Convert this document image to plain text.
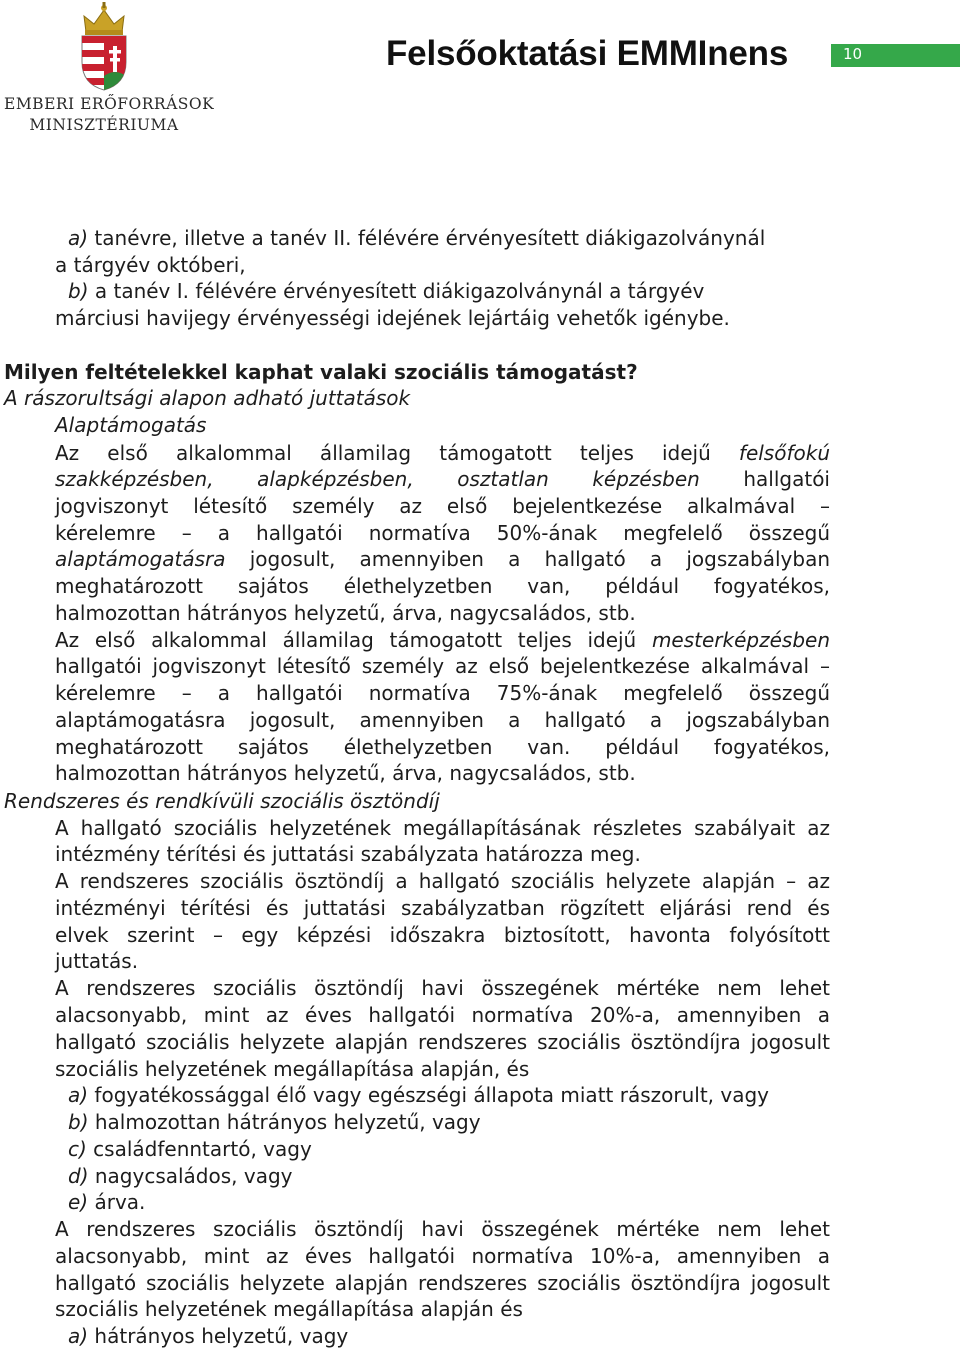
EMBERI ERŐFORRÁSOK
MINISZTÉRIUMA
Felsőoktatási EMMInens	10
a) tanévre, illetve a tanév II. félévére érvényesített diákigazolványnál
a tárgyév októberi,
b) a tanév I. félévére érvényesített diákigazolványnál a tárgyév
márciusi havijegy érvényességi idejének lejártáig vehetők igénybe.
Milyen feltételekkel kaphat valaki szociális támogatást?
A rászorultsági alapon adható juttatások
Alaptámogatás
Az első alkalommal államilag támogatott teljes idejű felsőfokú
szakképzésben, alapképzésben, osztatlan képzésben hallgatói
jogviszonyt létesítő személy az első bejelentkezése alkalmával –
kérelemre – a hallgatói normatíva 50%-ának megfelelő összegű
alaptámogatásra jogosult, amennyiben a hallgató a jogszabályban
meghatározott sajátos élethelyzetben van, például fogyatékos,
halmozottan hátrányos helyzetű, árva, nagycsaládos, stb.
Az első alkalommal államilag támogatott teljes idejű mesterképzésben
hallgatói jogviszonyt létesítő személy az első bejelentkezése alkalmával –
kérelemre – a hallgatói normatíva 75%-ának megfelelő összegű
alaptámogatásra jogosult, amennyiben a hallgató a jogszabályban
meghatározott sajátos élethelyzetben van. például fogyatékos,
halmozottan hátrányos helyzetű, árva, nagycsaládos, stb.
Rendszeres és rendkívüli szociális ösztöndíj
A hallgató szociális helyzetének megállapításának részletes szabályait az
intézmény térítési és juttatási szabályzata határozza meg.
A rendszeres szociális ösztöndíj a hallgató szociális helyzete alapján – az
intézményi térítési és juttatási szabályzatban rögzített eljárási rend és
elvek szerint – egy képzési időszakra biztosított, havonta folyósított
juttatás.
A rendszeres szociális ösztöndíj havi összegének mértéke nem lehet
alacsonyabb, mint az éves hallgatói normatíva 20%-a, amennyiben a
hallgató szociális helyzete alapján rendszeres szociális ösztöndíjra jogosult
szociális helyzetének megállapítása alapján, és
a) fogyatékossággal élő vagy egészségi állapota miatt rászorult, vagy
b) halmozottan hátrányos helyzetű, vagy
c) családfenntartó, vagy
d) nagycsaládos, vagy
e) árva.
A rendszeres szociális ösztöndíj havi összegének mértéke nem lehet
alacsonyabb, mint az éves hallgatói normatíva 10%-a, amennyiben a
hallgató szociális helyzete alapján rendszeres szociális ösztöndíjra jogosult
szociális helyzetének megállapítása alapján és
a) hátrányos helyzetű, vagy
